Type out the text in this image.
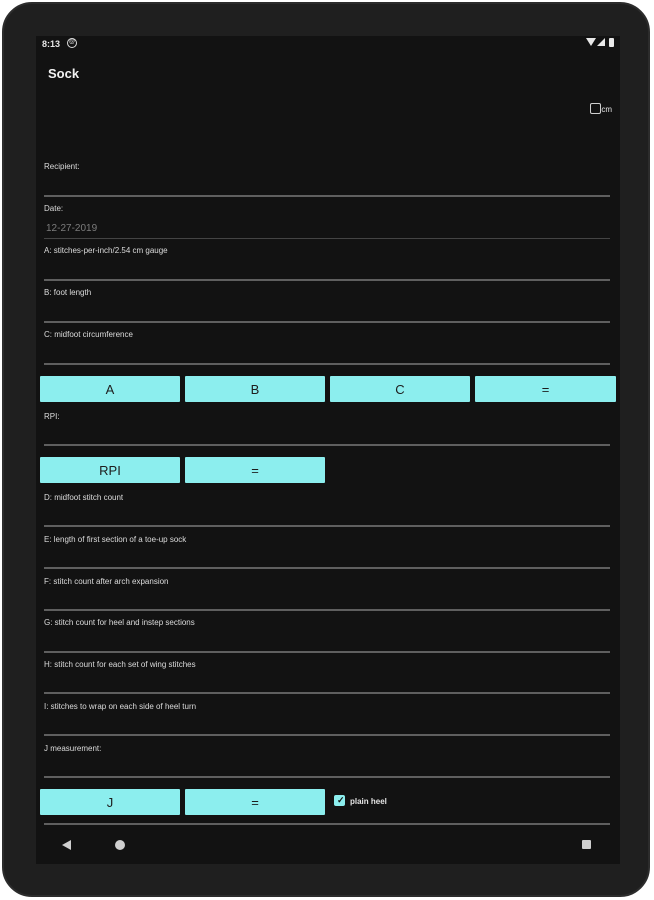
8:13	@
Sock
cm
Recipient:
Date:
12-27-2019
A: stitches-per-inch/2.54 cm gauge
B: foot length
C: midfoot circumference
A	B	C	=
RPI:
RPI	=
D: midfoot stitch count
E: length of first section of a toe-up sock
F: stitch count after arch expansion
G: stitch count for heel and instep sections
H: stitch count for each set of wing stitches
I: stitches to wrap on each side of heel turn
J measurement:
J	=	✓ plain heel
